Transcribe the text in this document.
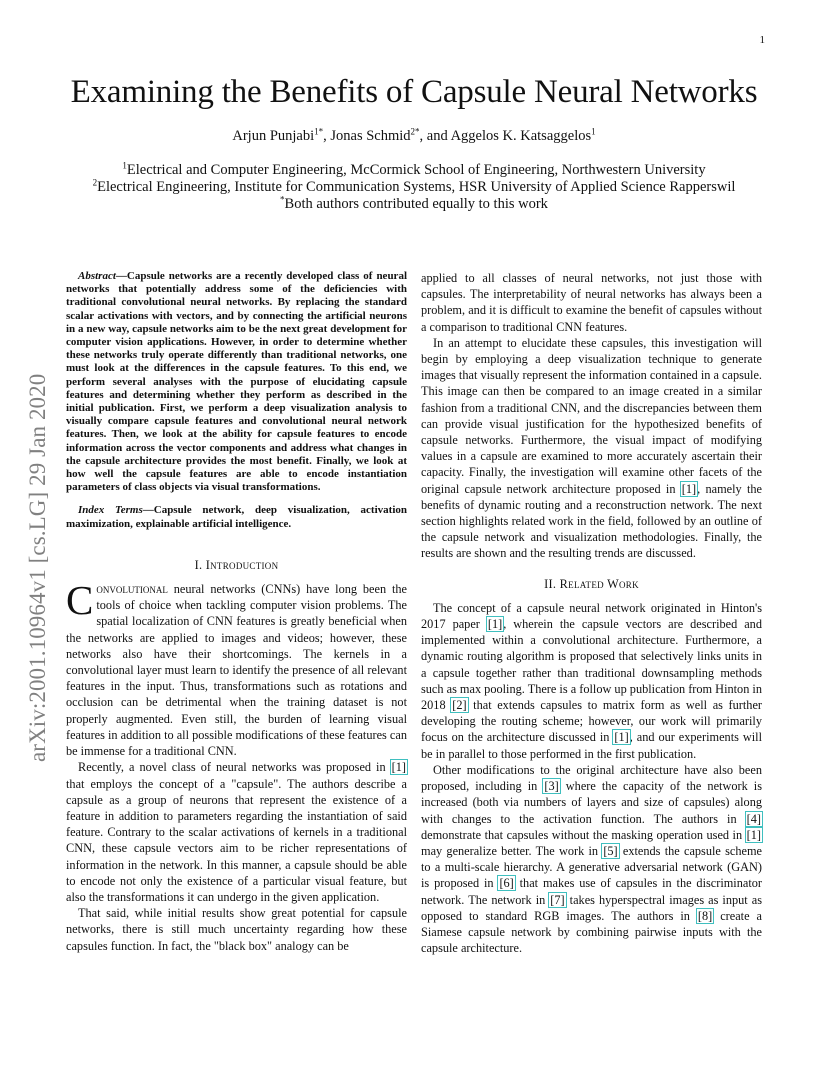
1
arXiv:2001.10964v1 [cs.LG] 29 Jan 2020
Examining the Benefits of Capsule Neural Networks
Arjun Punjabi$^{1*}$, Jonas Schmid$^{2*}$, and Aggelos K. Katsaggelos$^1$
$^1$Electrical and Computer Engineering, McCormick School of Engineering, Northwestern University
$^2$Electrical Engineering, Institute for Communication Systems, HSR University of Applied Science Rapperswil
*Both authors contributed equally to this work

Abstract—Capsule networks are a recently developed class of neural networks that potentially address some of the deficiencies with traditional convolutional neural networks. By replacing the standard scalar activations with vectors, and by connecting the artificial neurons in a new way, capsule networks aim to be the next great development for computer vision applications. However, in order to determine whether these networks truly operate differently than traditional networks, one must look at the differences in the capsule features. To this end, we perform several analyses with the purpose of elucidating capsule features and determining whether they perform as described in the initial publication. First, we perform a deep visualization analysis to visually compare capsule features and convolutional neural network features. Then, we look at the ability for capsule features to encode information across the vector components and address what changes in the capsule architecture provides the most benefit. Finally, we look at how well the capsule features are able to encode instantiation parameters of class objects via visual transformations.

Index Terms—Capsule network, deep visualization, activation maximization, explainable artificial intelligence.

I. Introduction

Convolutional neural networks (CNNs) have long been the tools of choice when tackling computer vision problems. The spatial localization of CNN features is greatly beneficial when the networks are applied to images and videos; however, these networks also have their shortcomings. The kernels in a convolutional layer must learn to identify the presence of all relevant features in the input. Thus, transformations such as rotations and occlusion can be detrimental when the training dataset is not properly augmented. Even still, the burden of learning visual features in addition to all possible modifications of these features can be immense for a traditional CNN.

Recently, a novel class of neural networks was proposed in [1] that employs the concept of a "capsule". The authors describe a capsule as a group of neurons that represent the existence of a feature in addition to parameters regarding the instantiation of said feature. Contrary to the scalar activations of kernels in a traditional CNN, these capsule vectors aim to be richer representations of information in the network. In this manner, a capsule should be able to encode not only the existence of a particular visual feature, but also the transformations it can undergo in the given application.

That said, while initial results show great potential for capsule networks, there is still much uncertainty regarding how these capsules function. In fact, the "black box" analogy can be

applied to all classes of neural networks, not just those with capsules. The interpretability of neural networks has always been a problem, and it is difficult to examine the benefit of capsules without a comparison to traditional CNN features.

In an attempt to elucidate these capsules, this investigation will begin by employing a deep visualization technique to generate images that visually represent the information contained in a capsule. This image can then be compared to an image created in a similar fashion from a traditional CNN, and the discrepancies between them can provide visual justification for the hypothesized benefits of capsule networks. Furthermore, the visual impact of modifying values in a capsule are examined to more accurately ascertain their capacity. Finally, the investigation will examine other facets of the original capsule network architecture proposed in [1], namely the benefits of dynamic routing and a reconstruction network. The next section highlights related work in the field, followed by an outline of the capsule network and visualization methodologies. Finally, the results are shown and the resulting trends are discussed.

II. Related Work

The concept of a capsule neural network originated in Hinton's 2017 paper [1], wherein the capsule vectors are described and implemented within a convolutional architecture. Furthermore, a dynamic routing algorithm is proposed that selectively links units in a capsule together rather than traditional downsampling methods such as max pooling. There is a follow up publication from Hinton in 2018 [2] that extends capsules to matrix form as well as further developing the routing scheme; however, our work will primarily focus on the architecture discussed in [1], and our experiments will be in parallel to those performed in the first publication.

Other modifications to the original architecture have also been proposed, including in [3] where the capacity of the network is increased (both via numbers of layers and size of capsules) along with changes to the activation function. The authors in [4] demonstrate that capsules without the masking operation used in [1] may generalize better. The work in [5] extends the capsule scheme to a multi-scale hierarchy. A generative adversarial network (GAN) is proposed in [6] that makes use of capsules in the discriminator network. The network in [7] takes hyperspectral images as input as opposed to standard RGB images. The authors in [8] create a Siamese capsule network by combining pairwise inputs with the capsule architecture.
